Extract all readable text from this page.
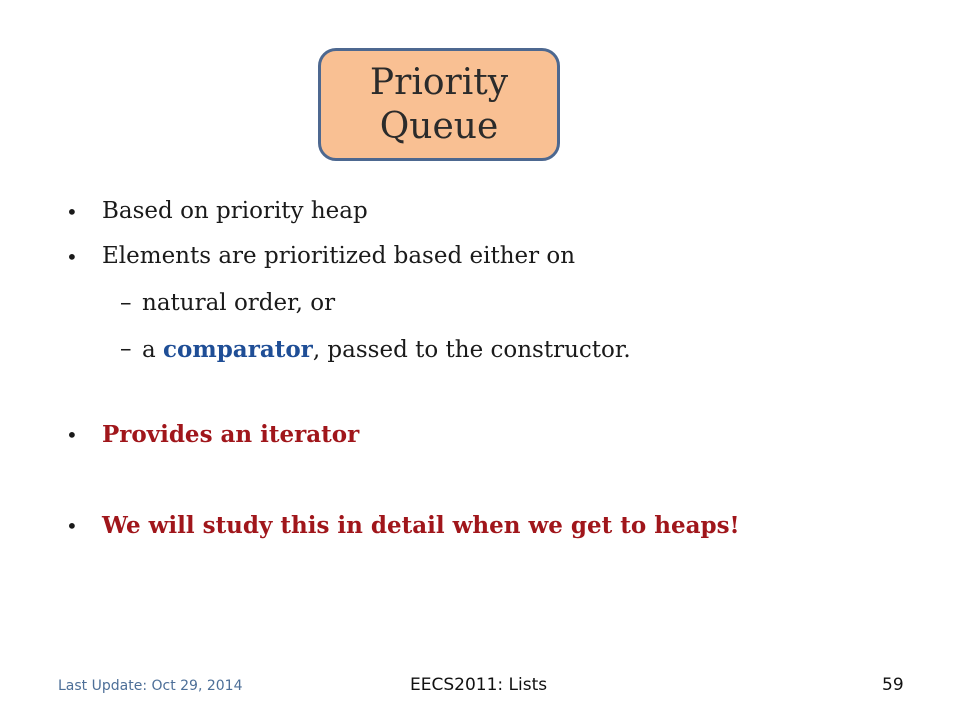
Priority
Queue
• Based on priority heap
• Elements are prioritized based either on
– natural order, or
– a comparator, passed to the constructor.
• Provides an iterator
• We will study this in detail when we get to heaps!
Last Update: Oct 29, 2014	EECS2011: Lists	59
